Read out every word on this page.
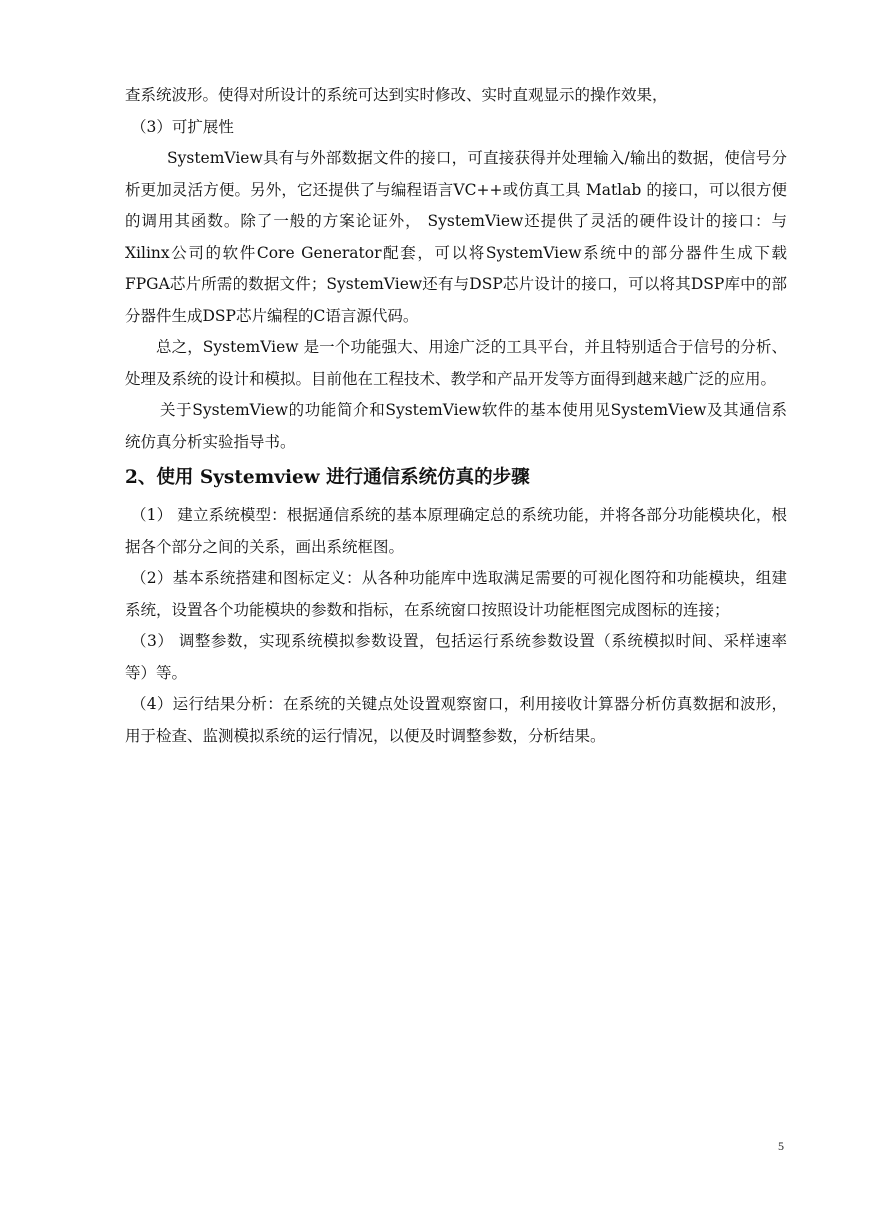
查系统波形。使得对所设计的系统可达到实时修改、实时直观显示的操作效果，

（3）可扩展性

SystemView具有与外部数据文件的接口，可直接获得并处理输入/输出的数据，使信号分析更加灵活方便。另外，它还提供了与编程语言VC++或仿真工具 Matlab 的接口，可以很方便的调用其函数。除了一般的方案论证外， SystemView还提供了灵活的硬件设计的接口：与Xilinx公司的软件Core Generator配套，可以将SystemView系统中的部分器件生成下载FPGA芯片所需的数据文件；SystemView还有与DSP芯片设计的接口，可以将其DSP库中的部分器件生成DSP芯片编程的C语言源代码。

总之，SystemView 是一个功能强大、用途广泛的工具平台，并且特别适合于信号的分析、处理及系统的设计和模拟。目前他在工程技术、教学和产品开发等方面得到越来越广泛的应用。

关于SystemView的功能简介和SystemView软件的基本使用见SystemView及其通信系统仿真分析实验指导书。

2、使用 Systemview 进行通信系统仿真的步骤

（1） 建立系统模型：根据通信系统的基本原理确定总的系统功能，并将各部分功能模块化，根据各个部分之间的关系，画出系统框图。

（2）基本系统搭建和图标定义：从各种功能库中选取满足需要的可视化图符和功能模块，组建系统，设置各个功能模块的参数和指标，在系统窗口按照设计功能框图完成图标的连接；

（3） 调整参数，实现系统模拟参数设置，包括运行系统参数设置（系统模拟时间、采样速率等）等。

（4）运行结果分析：在系统的关键点处设置观察窗口，利用接收计算器分析仿真数据和波形，用于检查、监测模拟系统的运行情况，以便及时调整参数，分析结果。

5
